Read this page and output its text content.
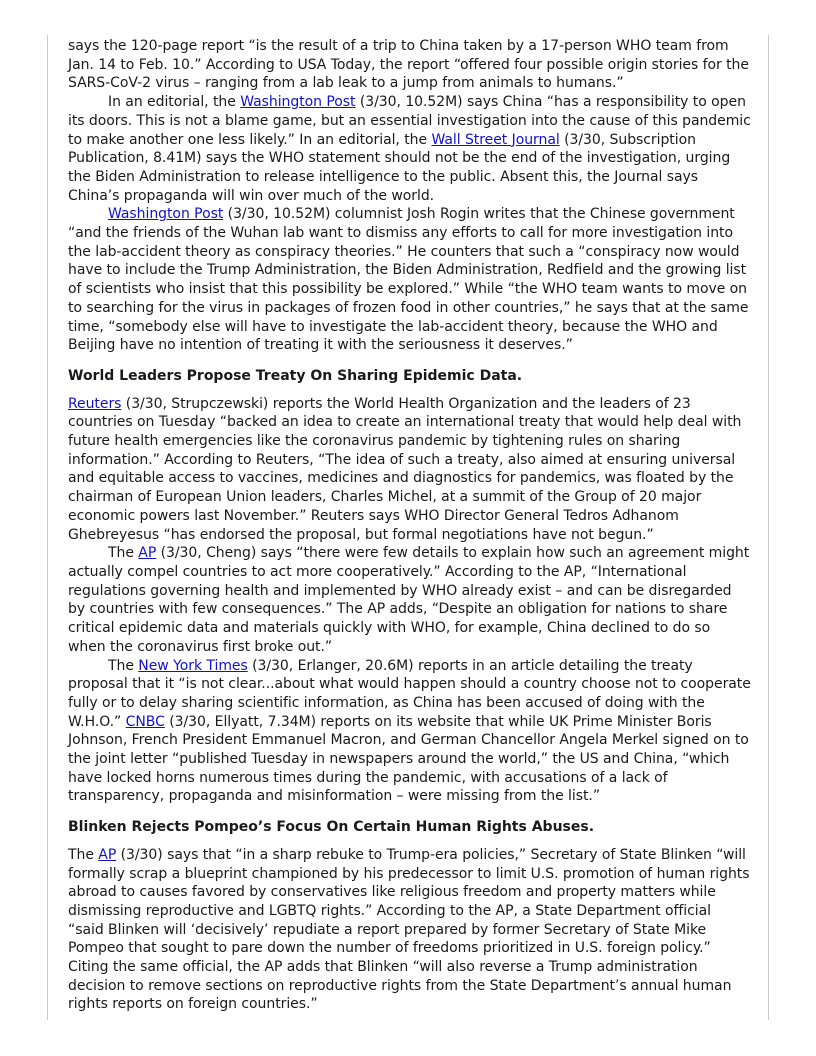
says the 120-page report “is the result of a trip to China taken by a 17-person WHO team from Jan. 14 to Feb. 10.” According to USA Today, the report “offered four possible origin stories for the SARS-CoV-2 virus – ranging from a lab leak to a jump from animals to humans.”

In an editorial, the Washington Post (3/30, 10.52M) says China “has a responsibility to open its doors. This is not a blame game, but an essential investigation into the cause of this pandemic to make another one less likely.” In an editorial, the Wall Street Journal (3/30, Subscription Publication, 8.41M) says the WHO statement should not be the end of the investigation, urging the Biden Administration to release intelligence to the public. Absent this, the Journal says China’s propaganda will win over much of the world.

Washington Post (3/30, 10.52M) columnist Josh Rogin writes that the Chinese government “and the friends of the Wuhan lab want to dismiss any efforts to call for more investigation into the lab-accident theory as conspiracy theories.” He counters that such a “conspiracy now would have to include the Trump Administration, the Biden Administration, Redfield and the growing list of scientists who insist that this possibility be explored.” While “the WHO team wants to move on to searching for the virus in packages of frozen food in other countries,” he says that at the same time, “somebody else will have to investigate the lab-accident theory, because the WHO and Beijing have no intention of treating it with the seriousness it deserves.”

World Leaders Propose Treaty On Sharing Epidemic Data.

Reuters (3/30, Strupczewski) reports the World Health Organization and the leaders of 23 countries on Tuesday “backed an idea to create an international treaty that would help deal with future health emergencies like the coronavirus pandemic by tightening rules on sharing information.” According to Reuters, “The idea of such a treaty, also aimed at ensuring universal and equitable access to vaccines, medicines and diagnostics for pandemics, was floated by the chairman of European Union leaders, Charles Michel, at a summit of the Group of 20 major economic powers last November.” Reuters says WHO Director General Tedros Adhanom Ghebreyesus “has endorsed the proposal, but formal negotiations have not begun.”

The AP (3/30, Cheng) says “there were few details to explain how such an agreement might actually compel countries to act more cooperatively.” According to the AP, “International regulations governing health and implemented by WHO already exist – and can be disregarded by countries with few consequences.” The AP adds, “Despite an obligation for nations to share critical epidemic data and materials quickly with WHO, for example, China declined to do so when the coronavirus first broke out.”

The New York Times (3/30, Erlanger, 20.6M) reports in an article detailing the treaty proposal that it “is not clear...about what would happen should a country choose not to cooperate fully or to delay sharing scientific information, as China has been accused of doing with the W.H.O.” CNBC (3/30, Ellyatt, 7.34M) reports on its website that while UK Prime Minister Boris Johnson, French President Emmanuel Macron, and German Chancellor Angela Merkel signed on to the joint letter “published Tuesday in newspapers around the world,” the US and China, “which have locked horns numerous times during the pandemic, with accusations of a lack of transparency, propaganda and misinformation – were missing from the list.”

Blinken Rejects Pompeo’s Focus On Certain Human Rights Abuses.

The AP (3/30) says that “in a sharp rebuke to Trump-era policies,” Secretary of State Blinken “will formally scrap a blueprint championed by his predecessor to limit U.S. promotion of human rights abroad to causes favored by conservatives like religious freedom and property matters while dismissing reproductive and LGBTQ rights.” According to the AP, a State Department official “said Blinken will ‘decisively’ repudiate a report prepared by former Secretary of State Mike Pompeo that sought to pare down the number of freedoms prioritized in U.S. foreign policy.” Citing the same official, the AP adds that Blinken “will also reverse a Trump administration decision to remove sections on reproductive rights from the State Department’s annual human rights reports on foreign countries.”
